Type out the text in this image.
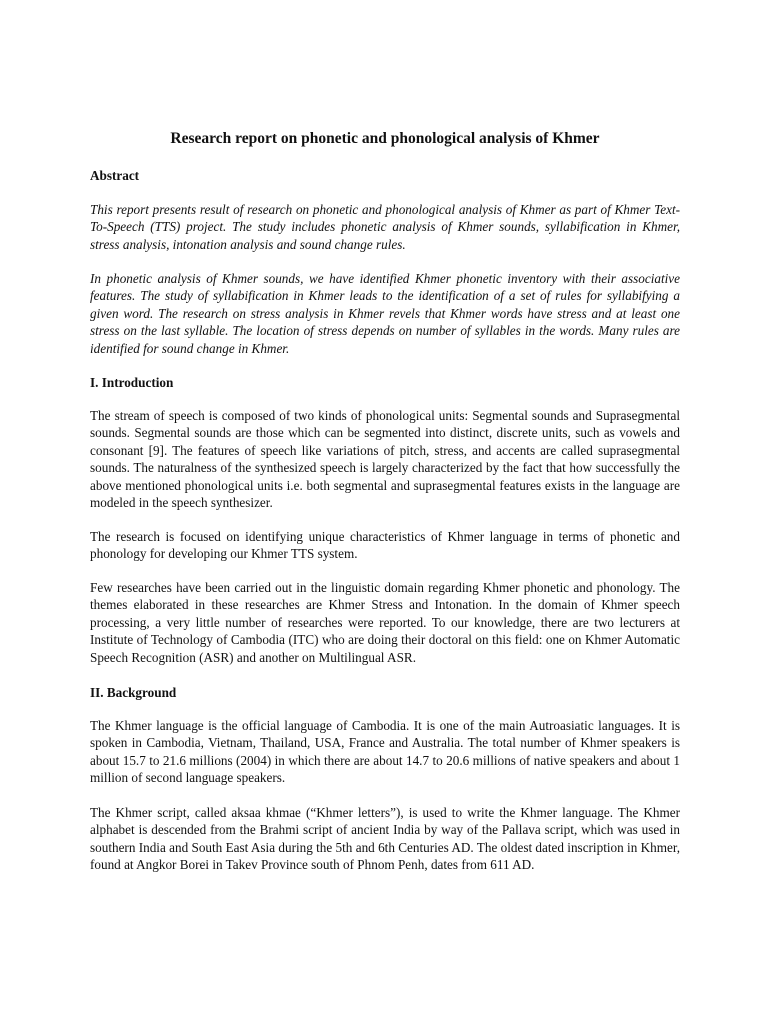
Research report on phonetic and phonological analysis of Khmer
Abstract

This report presents result of research on phonetic and phonological analysis of Khmer as part of Khmer Text-To-Speech (TTS) project. The study includes phonetic analysis of Khmer sounds, syllabification in Khmer, stress analysis, intonation analysis and sound change rules.

In phonetic analysis of Khmer sounds, we have identified Khmer phonetic inventory with their associative features. The study of syllabification in Khmer leads to the identification of a set of rules for syllabifying a given word. The research on stress analysis in Khmer revels that Khmer words have stress and at least one stress on the last syllable. The location of stress depends on number of syllables in the words. Many rules are identified for sound change in Khmer.

I. Introduction

The stream of speech is composed of two kinds of phonological units: Segmental sounds and Suprasegmental sounds. Segmental sounds are those which can be segmented into distinct, discrete units, such as vowels and consonant [9]. The features of speech like variations of pitch, stress, and accents are called suprasegmental sounds. The naturalness of the synthesized speech is largely characterized by the fact that how successfully the above mentioned phonological units i.e. both segmental and suprasegmental features exists in the language are modeled in the speech synthesizer.

The research is focused on identifying unique characteristics of Khmer language in terms of phonetic and phonology for developing our Khmer TTS system.

Few researches have been carried out in the linguistic domain regarding Khmer phonetic and phonology. The themes elaborated in these researches are Khmer Stress and Intonation. In the domain of Khmer speech processing, a very little number of researches were reported. To our knowledge, there are two lecturers at Institute of Technology of Cambodia (ITC) who are doing their doctoral on this field: one on Khmer Automatic Speech Recognition (ASR) and another on Multilingual ASR.

II. Background

The Khmer language is the official language of Cambodia. It is one of the main Autroasiatic languages. It is spoken in Cambodia, Vietnam, Thailand, USA, France and Australia. The total number of Khmer speakers is about 15.7 to 21.6 millions (2004) in which there are about 14.7 to 20.6 millions of native speakers and about 1 million of second language speakers.

The Khmer script, called aksaa khmae (“Khmer letters”), is used to write the Khmer language. The Khmer alphabet is descended from the Brahmi script of ancient India by way of the Pallava script, which was used in southern India and South East Asia during the 5th and 6th Centuries AD. The oldest dated inscription in Khmer, found at Angkor Borei in Takev Province south of Phnom Penh, dates from 611 AD.
